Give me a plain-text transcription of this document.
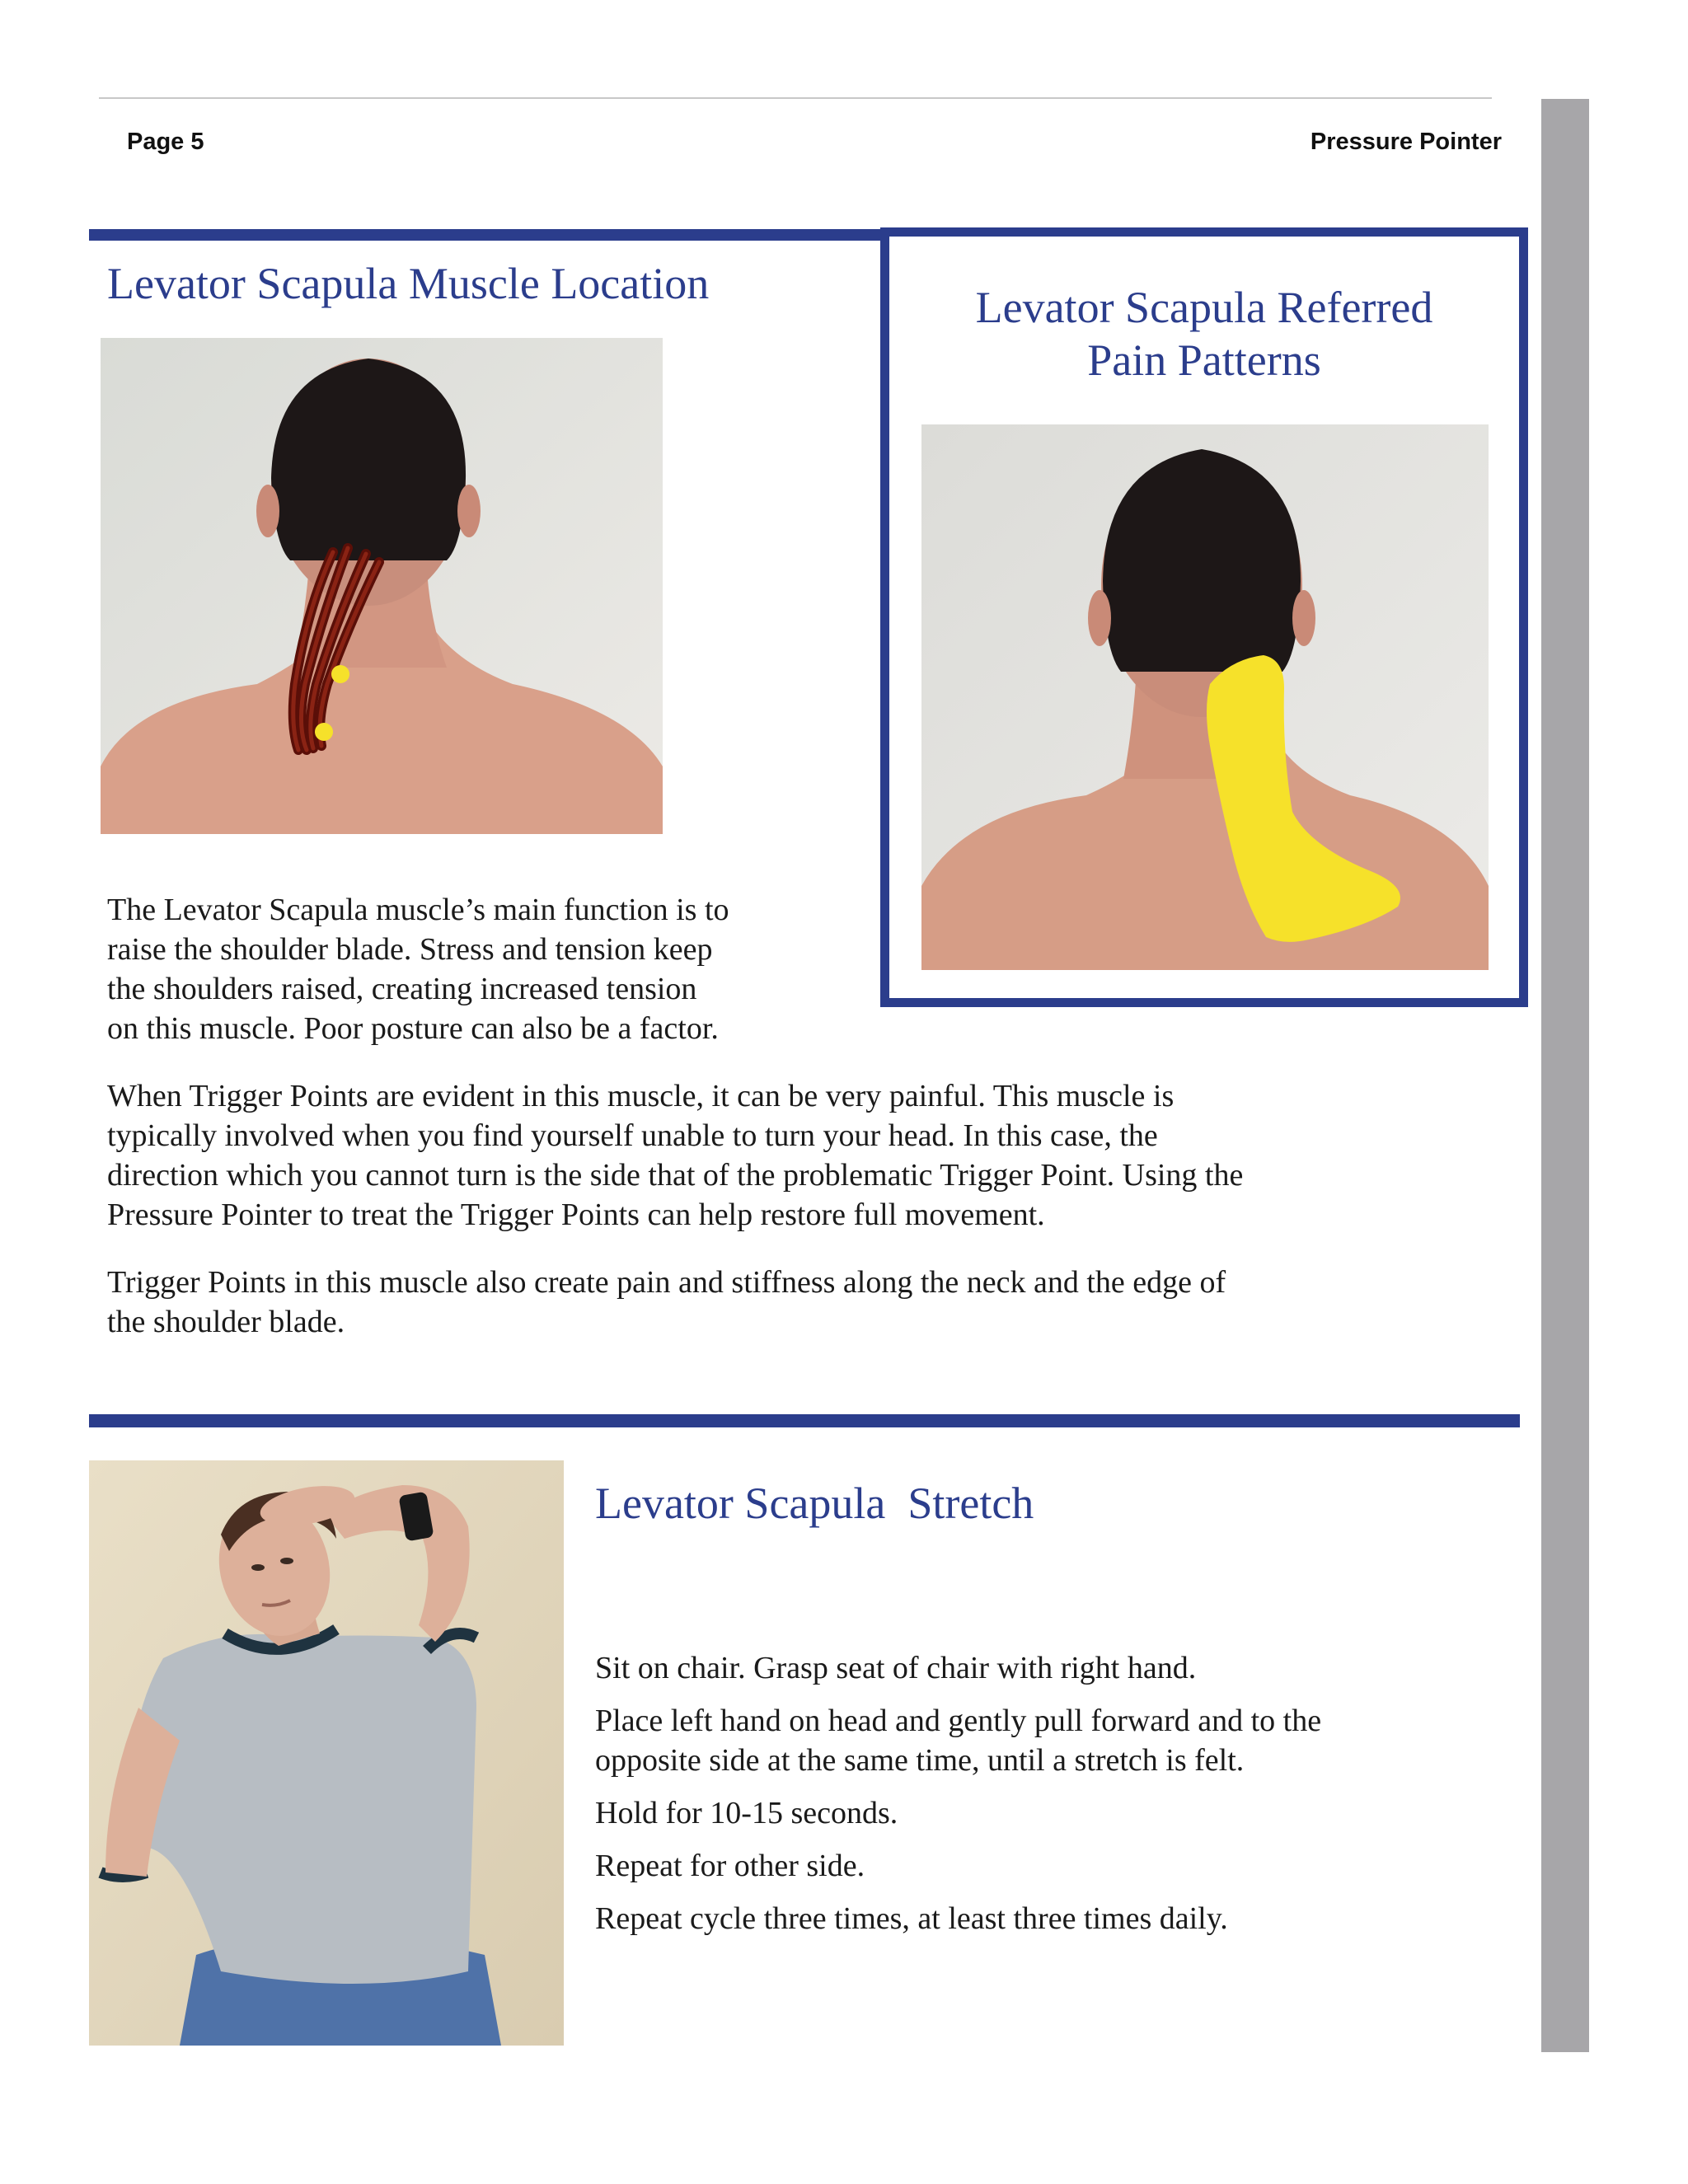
Page 5	Pressure Pointer
Levator Scapula Muscle Location	Levator Scapula Referred
Pain Patterns

The Levator Scapula muscle’s main function is to

raise the shoulder blade. Stress and tension keep

the shoulders raised, creating increased tension

on this muscle. Poor posture can also be a factor.

When Trigger Points are evident in this muscle, it can be very painful. This muscle is

typically involved when you find yourself unable to turn your head. In this case, the

direction which you cannot turn is the side that of the problematic Trigger Point. Using the

Pressure Pointer to treat the Trigger Points can help restore full movement.

Trigger Points in this muscle also create pain and stiffness along the neck and the edge of

the shoulder blade.

Levator Scapula  Stretch

Sit on chair. Grasp seat of chair with right hand.

Place left hand on head and gently pull forward and to the

opposite side at the same time, until a stretch is felt.

Hold for 10-15 seconds.

Repeat for other side.

Repeat cycle three times, at least three times daily.
